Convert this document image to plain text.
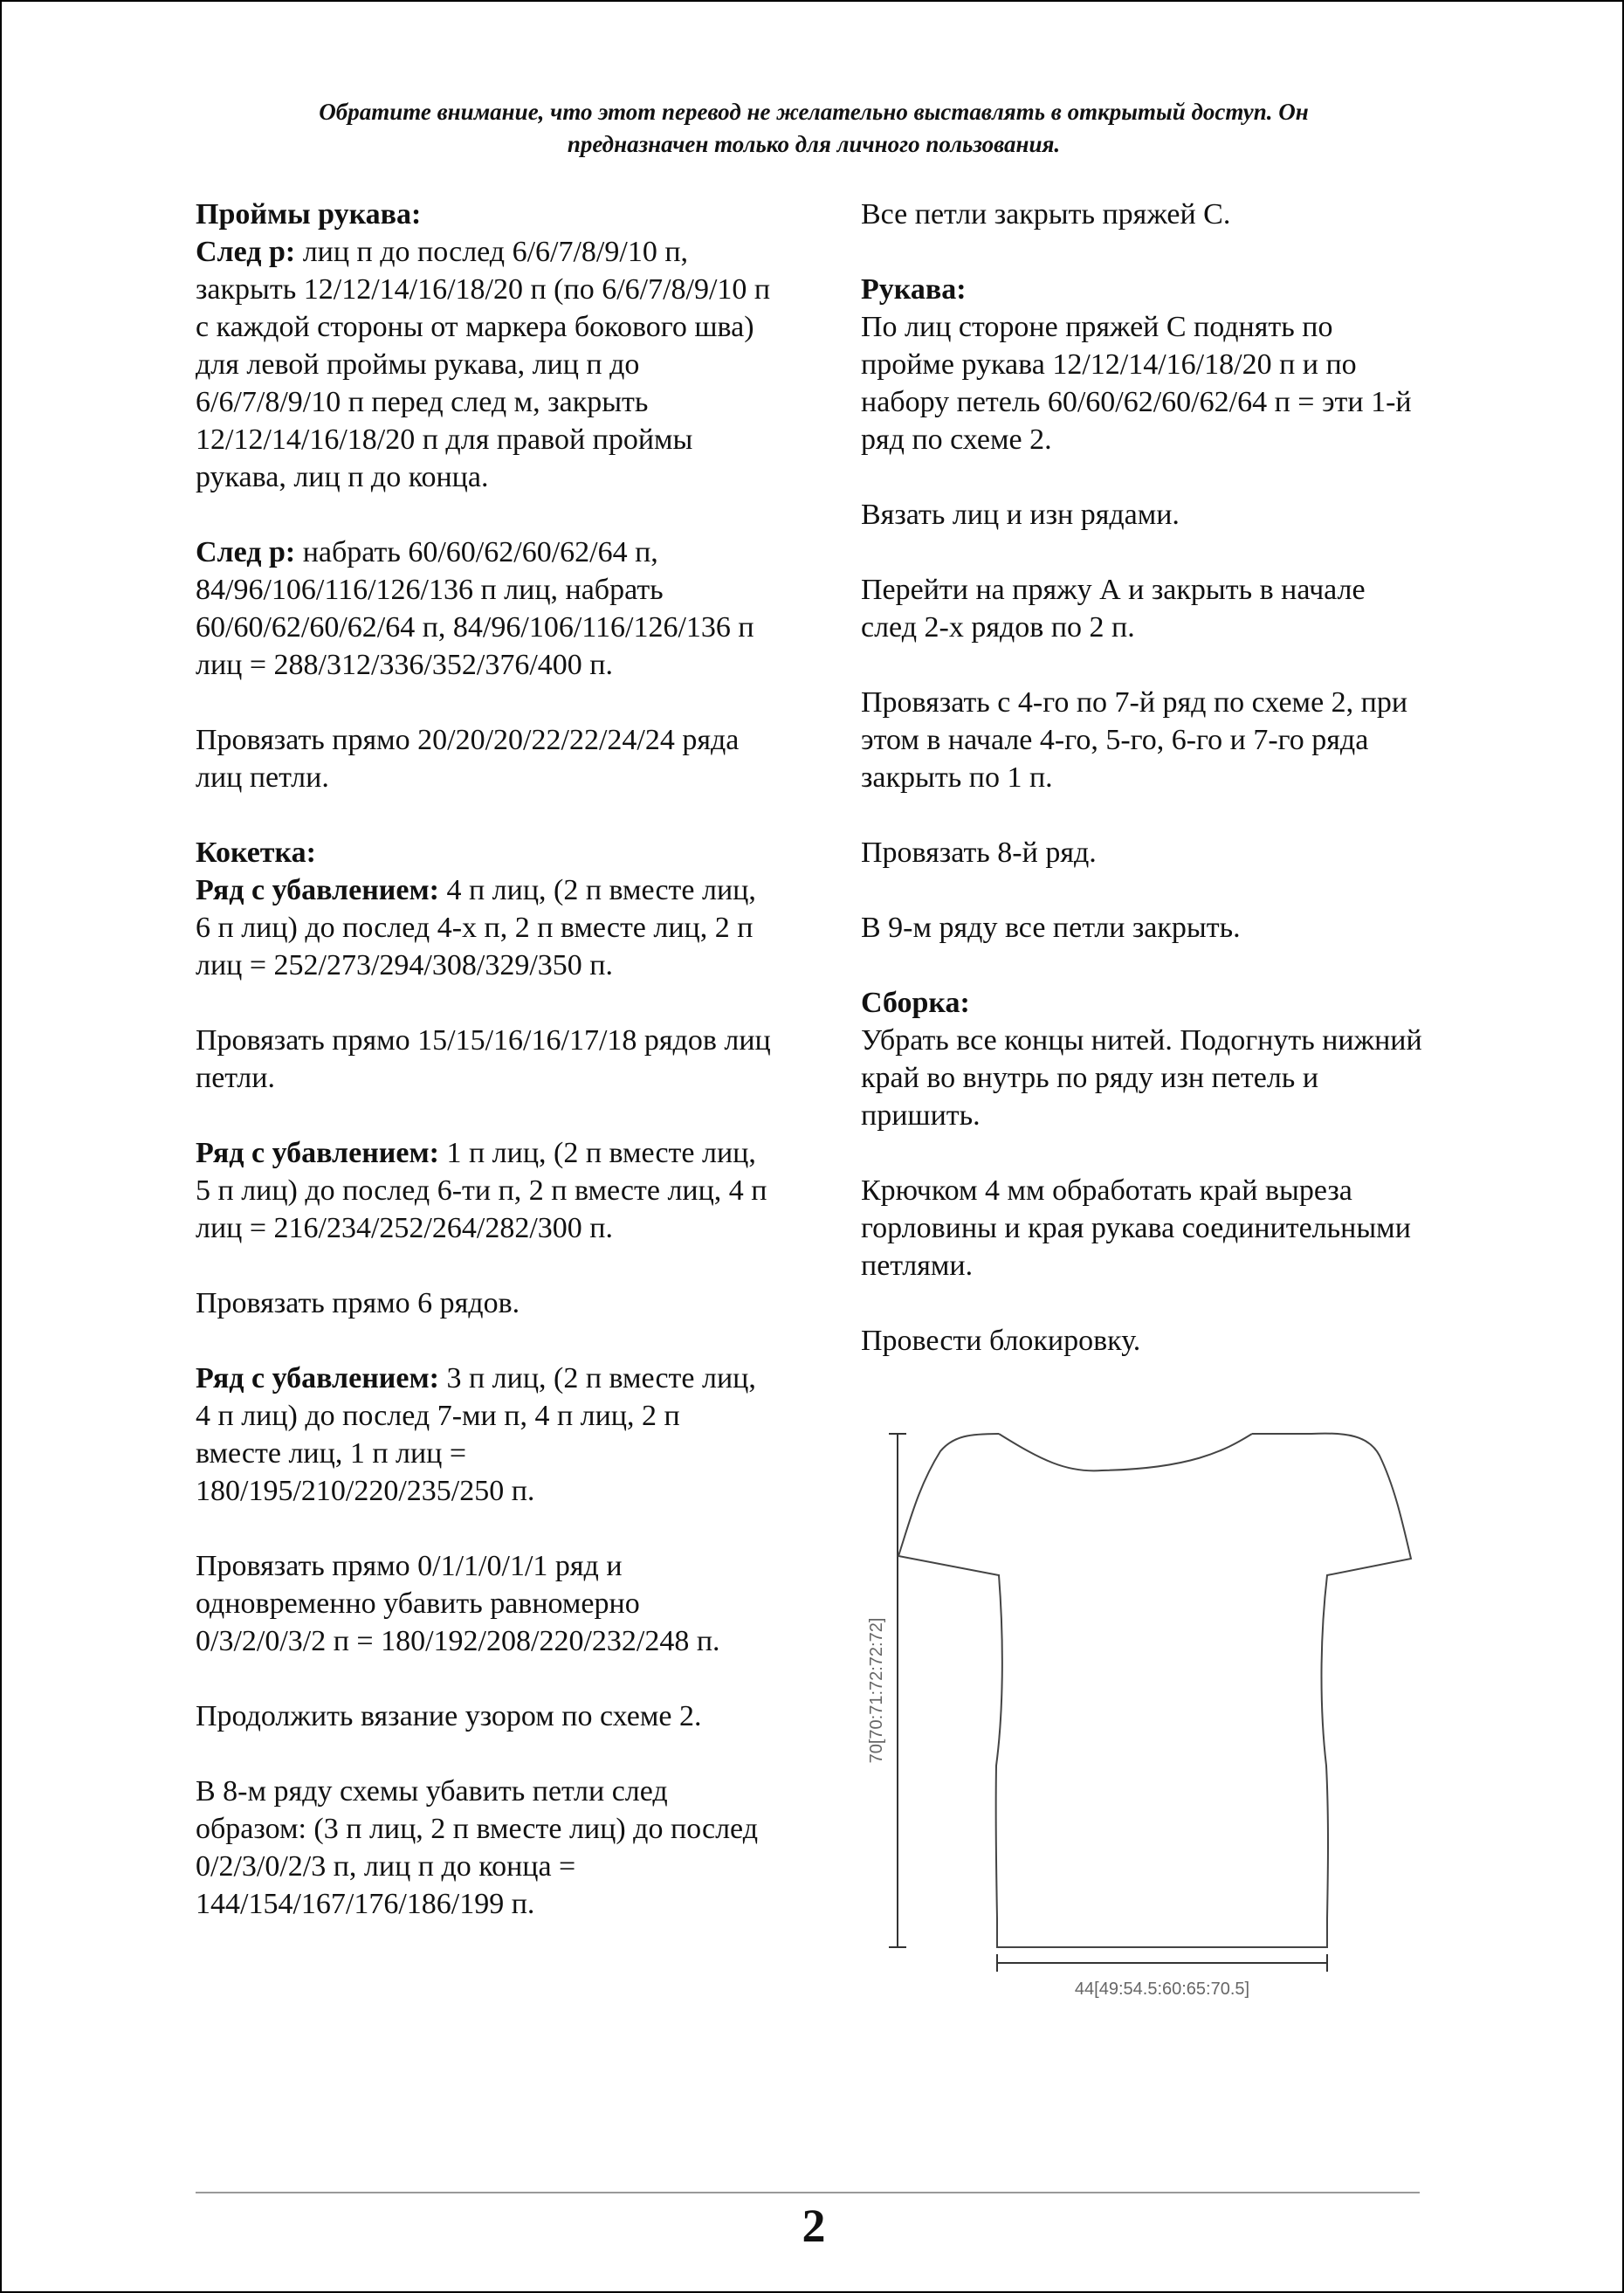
Обратите внимание, что этот перевод не желательно выставлять в открытый доступ. Он
предназначен только для личного пользования.

Проймы рукава:
След р: лиц п до послед 6/6/7/8/9/10 п, закрыть 12/12/14/16/18/20 п (по 6/6/7/8/9/10 п с каждой стороны от маркера бокового шва) для левой проймы рукава, лиц п до 6/6/7/8/9/10 п перед след м, закрыть 12/12/14/16/18/20 п для правой проймы рукава, лиц п до конца.

След р: набрать 60/60/62/60/62/64 п, 84/96/106/116/126/136 п лиц, набрать 60/60/62/60/62/64 п, 84/96/106/116/126/136 п лиц = 288/312/336/352/376/400 п.

Провязать прямо 20/20/20/22/22/24/24 ряда лиц петли.

Кокетка:
Ряд с убавлением: 4 п лиц, (2 п вместе лиц, 6 п лиц) до послед 4-х п, 2 п вместе лиц, 2 п лиц = 252/273/294/308/329/350 п.

Провязать прямо 15/15/16/16/17/18 рядов лиц петли.

Ряд с убавлением: 1 п лиц, (2 п вместе лиц, 5 п лиц) до послед 6-ти п, 2 п вместе лиц, 4 п лиц = 216/234/252/264/282/300 п.

Провязать прямо 6 рядов.

Ряд с убавлением: 3 п лиц, (2 п вместе лиц, 4 п лиц) до послед 7-ми п, 4 п лиц, 2 п вместе лиц, 1 п лиц = 180/195/210/220/235/250 п.

Провязать прямо 0/1/1/0/1/1 ряд и одновременно убавить равномерно 0/3/2/0/3/2 п = 180/192/208/220/232/248 п.

Продолжить вязание узором по схеме 2.

В 8-м ряду схемы убавить петли след образом: (3 п лиц, 2 п вместе лиц) до послед 0/2/3/0/2/3 п, лиц п до конца = 144/154/167/176/186/199 п.

Все петли закрыть пряжей С.

Рукава:
По лиц стороне пряжей С поднять по пройме рукава 12/12/14/16/18/20 п и по набору петель 60/60/62/60/62/64 п = эти 1-й ряд по схеме 2.

Вязать лиц и изн рядами.

Перейти на пряжу А и закрыть в начале след 2-х рядов по 2 п.

Провязать с 4-го по 7-й ряд по схеме 2, при этом в начале 4-го, 5-го, 6-го и 7-го ряда закрыть по 1 п.

Провязать 8-й ряд.

В 9-м ряду все петли закрыть.

Сборка:
Убрать все концы нитей. Подогнуть нижний край во внутрь по ряду изн петель и пришить.

Крючком 4 мм обработать край выреза горловины и края рукава соединительными петлями.

Провести блокировку.

70[70:71:72:72:72]
44[49:54.5:60:65:70.5]
2
